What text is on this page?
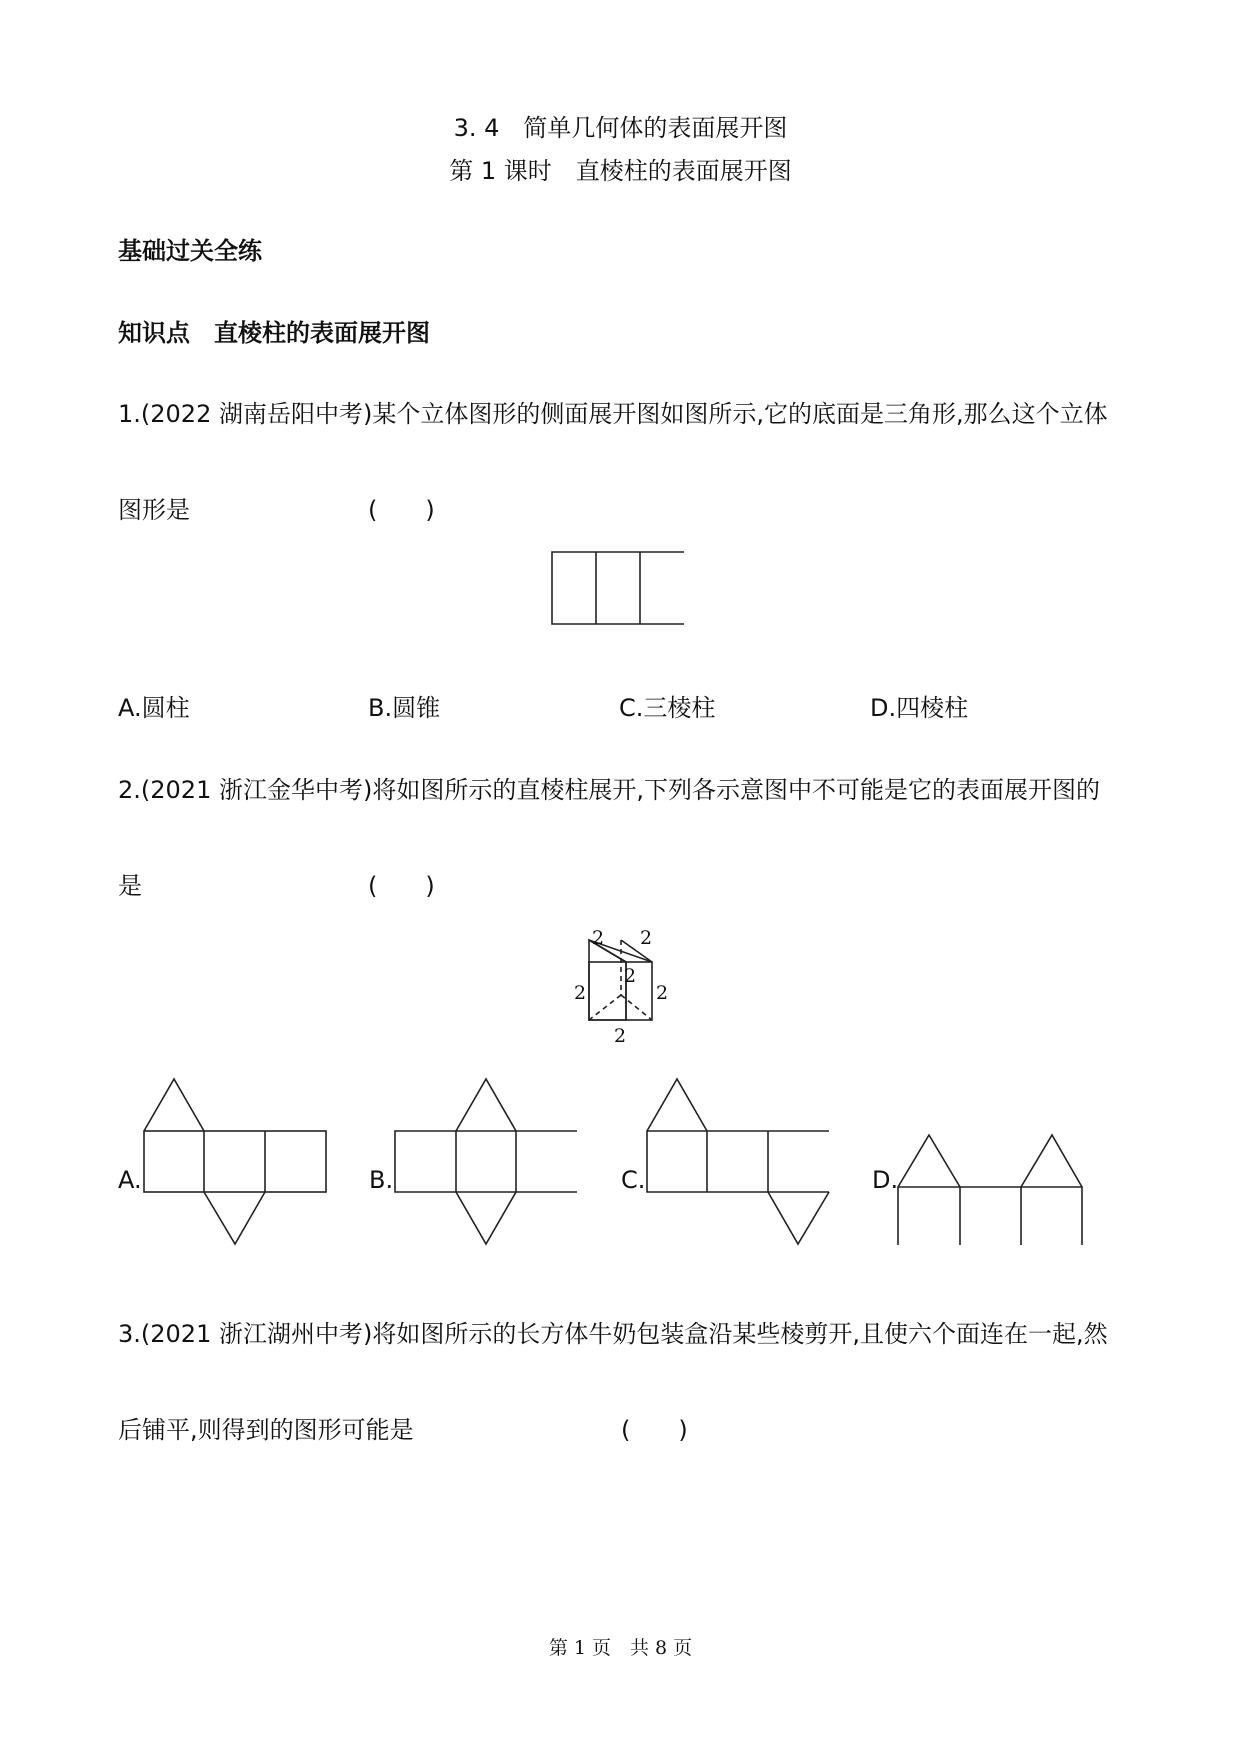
3. 4　简单几何体的表面展开图
第 1 课时　直棱柱的表面展开图
基础过关全练
知识点　直棱柱的表面展开图
1.(2022 湖南岳阳中考)某个立体图形的侧面展开图如图所示,它的底面是三角形,那么这个立体
图形是	(　　)
A.圆柱	B.圆锥	C.三棱柱	D.四棱柱
2.(2021 浙江金华中考)将如图所示的直棱柱展开,下列各示意图中不可能是它的表面展开图的
是	(　　)
2 2
2
2
2
2
A.	B.	C.	D.
3.(2021 浙江湖州中考)将如图所示的长方体牛奶包装盒沿某些棱剪开,且使六个面连在一起,然
后铺平,则得到的图形可能是	(　　)
第 1 页　共 8 页
